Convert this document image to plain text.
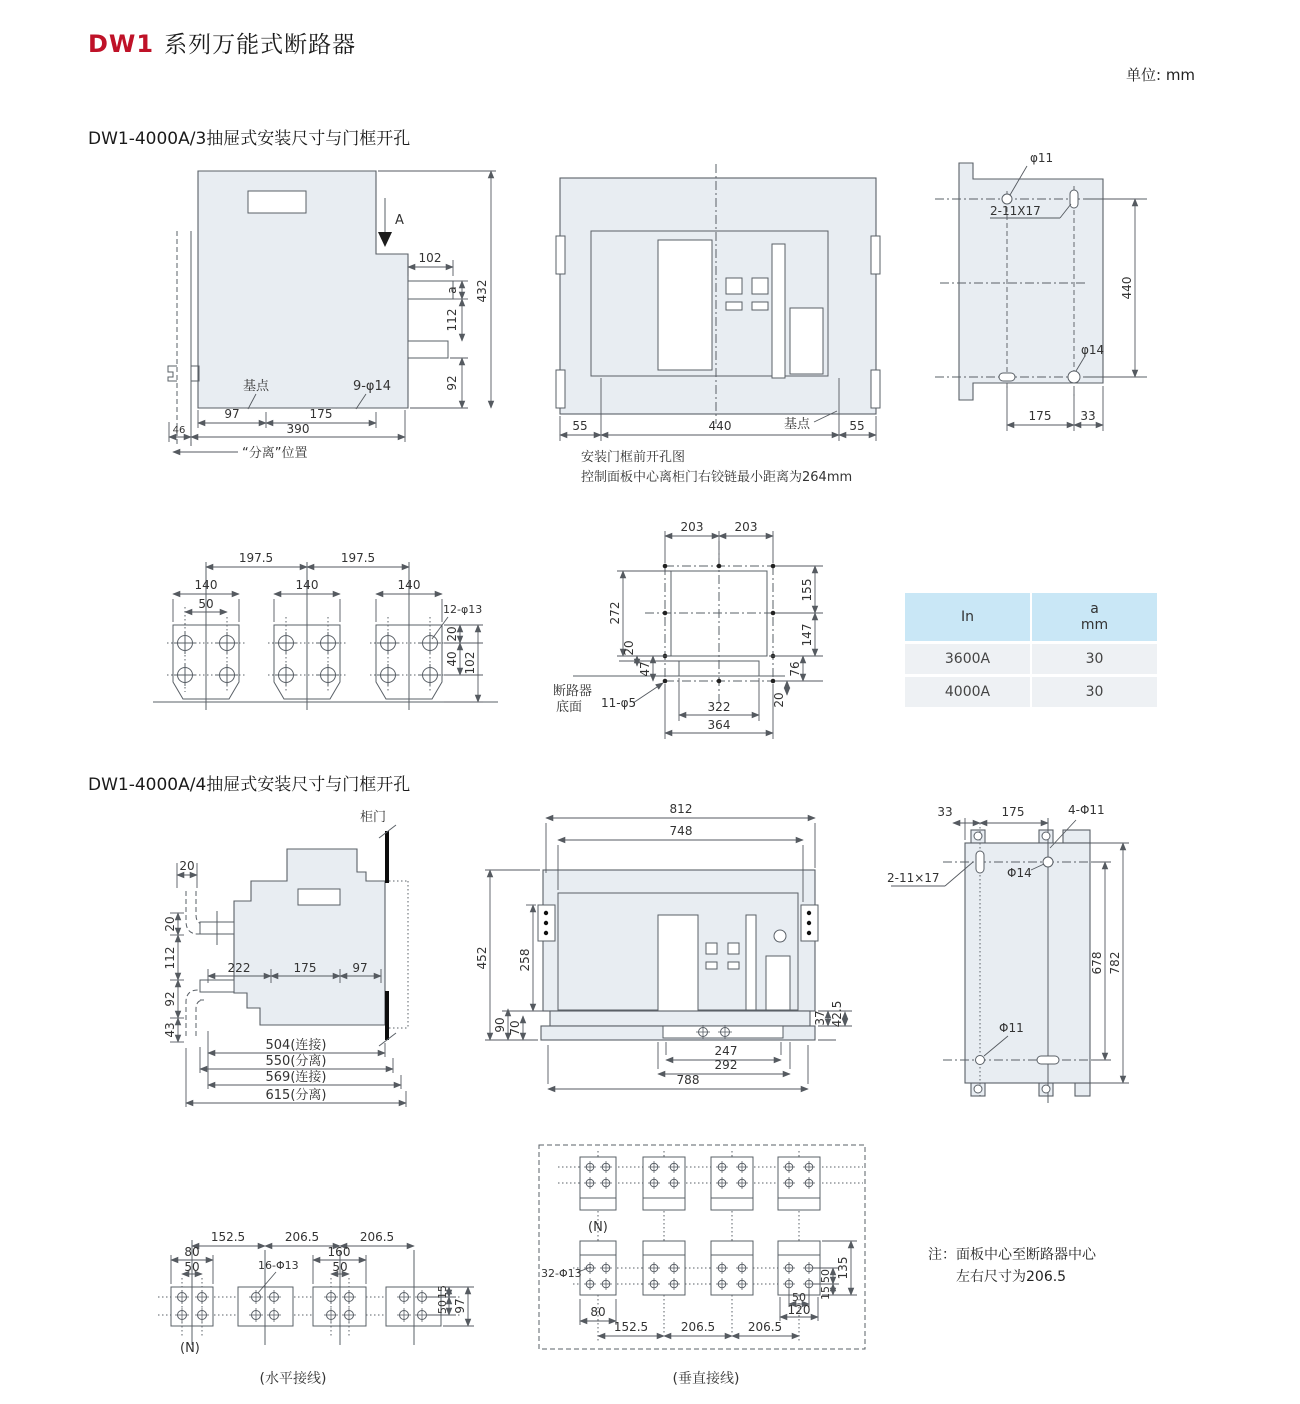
DW1 系列万能式断路器
单位: mm
DW1-4000A/3抽屉式安装尺寸与门框开孔
DW1-4000A/4抽屉式安装尺寸与门框开孔
A
102
a
112
92
432
基点	9-φ14
97	175
390
46
“分离”位置
55	440	基点	55
安装门框前开孔图
控制面板中心离柜门右铰链最小距离为264mm
φ11
2-11X17
440
φ14
175 33
197.5	197.5
140	140	140
50	12-φ13
20
40 102
203	203
272
20
47
155
147
76
20
322
364
断路器
底面 11-φ5
In	a
mm
3600A	30
4000A	30
柜门
20
20
112
92
43
222	175	97
504(连接)
550(分离)
569(连接)
615(分离)
812
748
452 258
90 70
37 42.5
247
292
788
33	175	4-Φ11
2-11×17	Φ14
678 782
Φ11
152.5	206.5	206.5
80
50	16-Φ13
160
50
15
50 97
(N)
(水平接线)
(N)
32-Φ13
80
152.5	206.5	206.5
135
50
15
50
120
(垂直接线)
注：面板中心至断路器中心
左右尺寸为206.5
